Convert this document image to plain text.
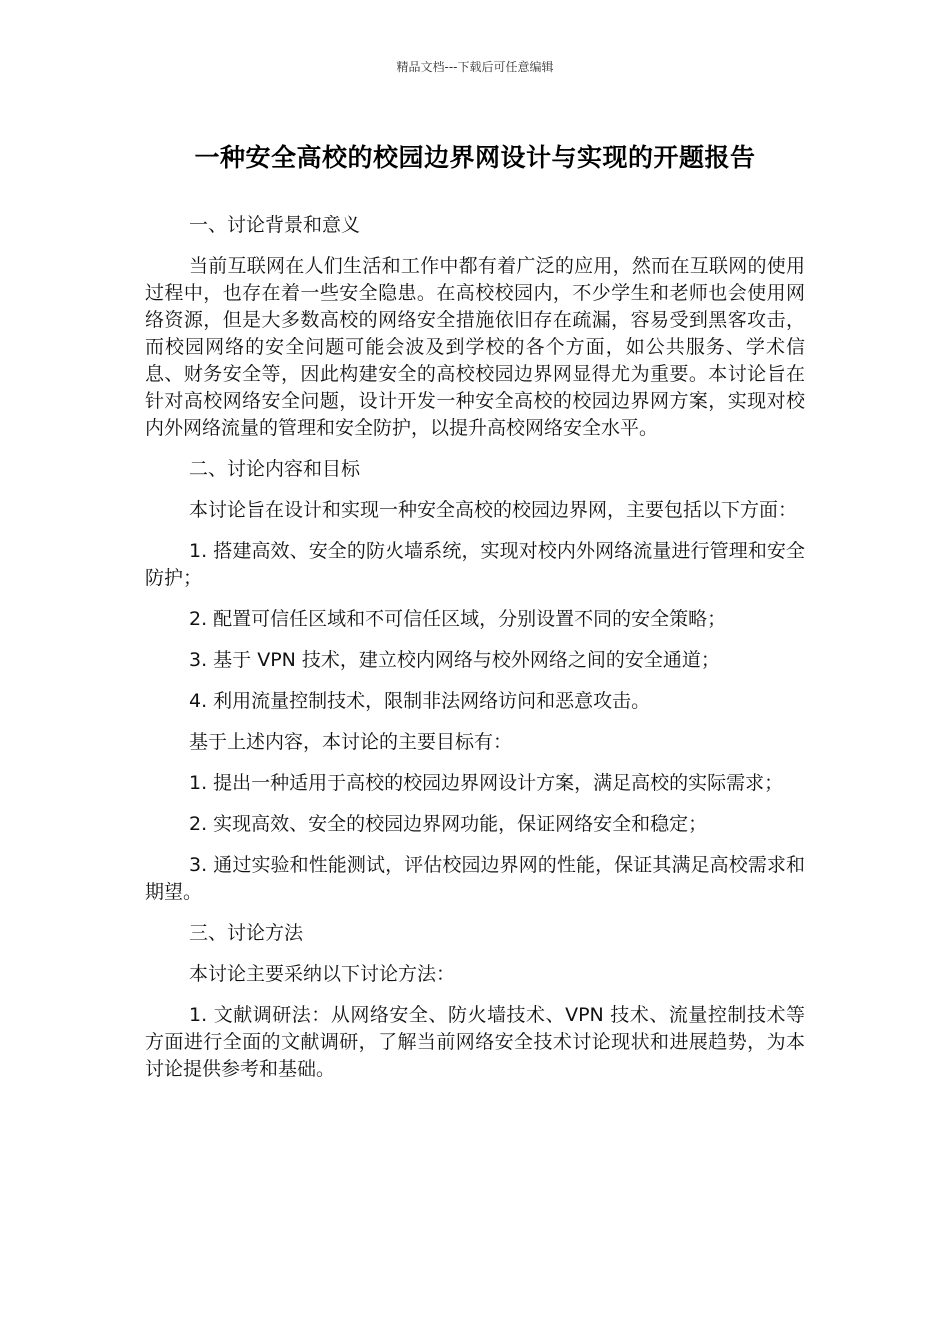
精品文档---下载后可任意编辑
一种安全高校的校园边界网设计与实现的开题报告

一、讨论背景和意义

当前互联网在人们生活和工作中都有着广泛的应用，然而在互联网的使用过程中，也存在着一些安全隐患。在高校校园内，不少学生和老师也会使用网络资源，但是大多数高校的网络安全措施依旧存在疏漏，容易受到黑客攻击，而校园网络的安全问题可能会波及到学校的各个方面，如公共服务、学术信息、财务安全等，因此构建安全的高校校园边界网显得尤为重要。本讨论旨在针对高校网络安全问题，设计开发一种安全高校的校园边界网方案，实现对校内外网络流量的管理和安全防护，以提升高校网络安全水平。

二、讨论内容和目标

本讨论旨在设计和实现一种安全高校的校园边界网，主要包括以下方面：

1. 搭建高效、安全的防火墙系统，实现对校内外网络流量进行管理和安全防护；

2. 配置可信任区域和不可信任区域，分别设置不同的安全策略；

3. 基于 VPN 技术，建立校内网络与校外网络之间的安全通道；

4. 利用流量控制技术，限制非法网络访问和恶意攻击。

基于上述内容，本讨论的主要目标有：

1. 提出一种适用于高校的校园边界网设计方案，满足高校的实际需求；

2. 实现高效、安全的校园边界网功能，保证网络安全和稳定；

3. 通过实验和性能测试，评估校园边界网的性能，保证其满足高校需求和期望。

三、讨论方法

本讨论主要采纳以下讨论方法：

1. 文献调研法：从网络安全、防火墙技术、VPN 技术、流量控制技术等方面进行全面的文献调研，了解当前网络安全技术讨论现状和进展趋势，为本讨论提供参考和基础。
